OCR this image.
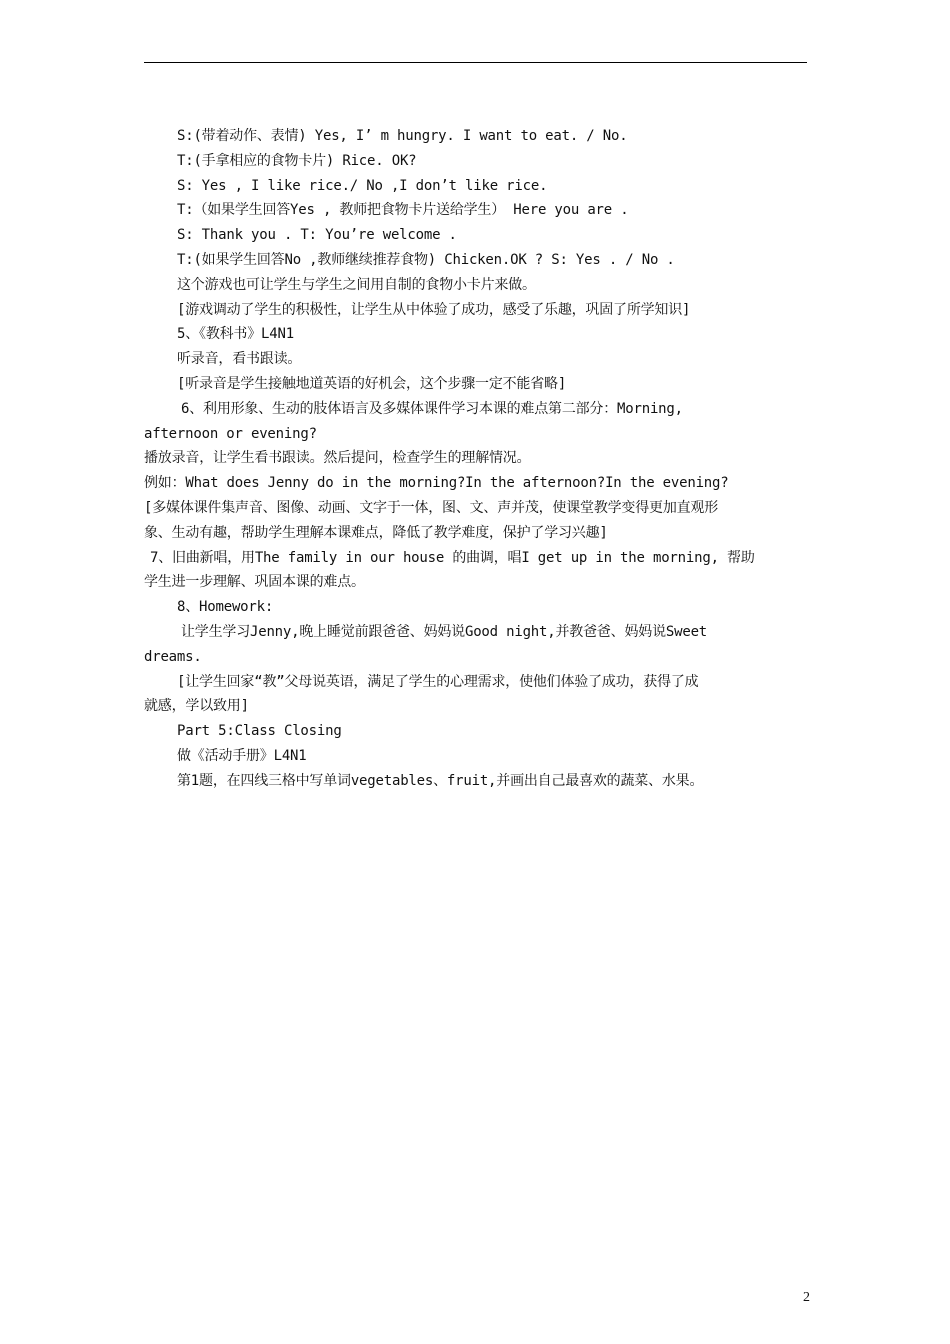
S:(带着动作、表情) Yes, I’ m hungry. I want to eat. / No.
T:(手拿相应的食物卡片) Rice. OK?
S: Yes , I like rice./ No ,I don’t like rice.
T:（如果学生回答Yes , 教师把食物卡片送给学生） Here you are .
S: Thank you . T: You’re welcome .
T:(如果学生回答No ,教师继续推荐食物) Chicken.OK ? S: Yes . / No .
这个游戏也可让学生与学生之间用自制的食物小卡片来做。
[游戏调动了学生的积极性，让学生从中体验了成功，感受了乐趣，巩固了所学知识]
5、《教科书》L4N1
听录音，看书跟读。
[听录音是学生接触地道英语的好机会，这个步骤一定不能省略]
6、利用形象、生动的肢体语言及多媒体课件学习本课的难点第二部分：Morning,
afternoon or evening?
播放录音，让学生看书跟读。然后提问，检查学生的理解情况。
例如：What does Jenny do in the morning?In the afternoon?In the evening?
[多媒体课件集声音、图像、动画、文字于一体，图、文、声并茂，使课堂教学变得更加直观形
象、生动有趣，帮助学生理解本课难点，降低了教学难度，保护了学习兴趣]
7、旧曲新唱，用The family in our house 的曲调，唱I get up in the morning, 帮助
学生进一步理解、巩固本课的难点。
8、Homework:
让学生学习Jenny,晚上睡觉前跟爸爸、妈妈说Good night,并教爸爸、妈妈说Sweet
dreams.
[让学生回家“教”父母说英语，满足了学生的心理需求，使他们体验了成功，获得了成
就感，学以致用]
Part 5:Class Closing
做《活动手册》L4N1
第1题，在四线三格中写单词vegetables、fruit,并画出自己最喜欢的蔬菜、水果。
2
